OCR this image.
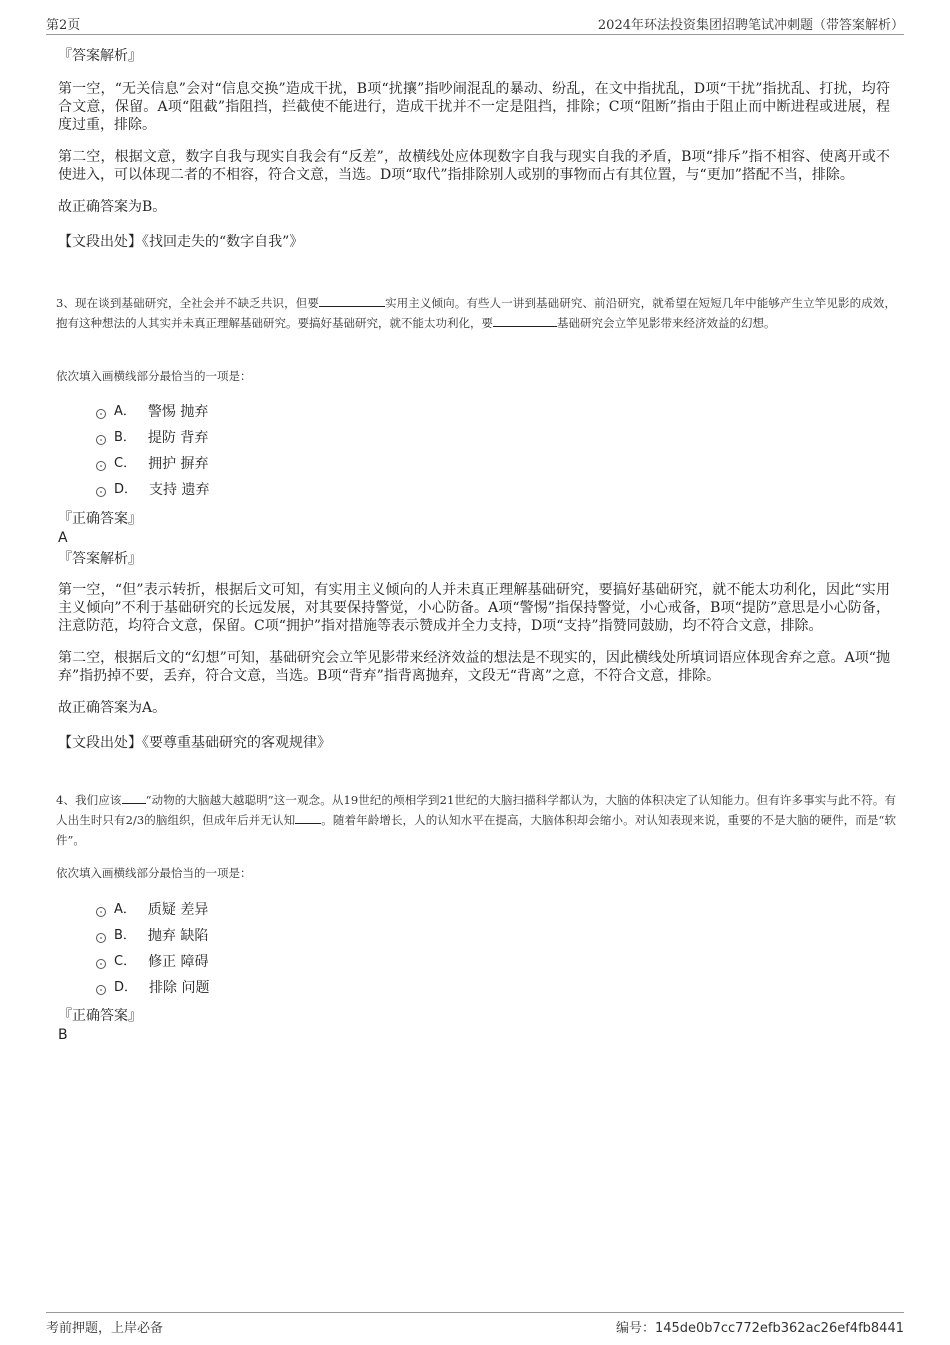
第2页	2024年环法投资集团招聘笔试冲刺题（带答案解析）

『答案解析』

第一空，“无关信息”会对“信息交换”造成干扰，B项“扰攘”指吵闹混乱的暴动、纷乱，在文中指扰乱，D项“干扰”指扰乱、打扰，均符合文意，保留。A项“阻截”指阻挡，拦截使不能进行，造成干扰并不一定是阻挡，排除；C项“阻断”指由于阻止而中断进程或进展，程度过重，排除。

第二空，根据文意，数字自我与现实自我会有“反差”，故横线处应体现数字自我与现实自我的矛盾，B项“排斥”指不相容、使离开或不使进入，可以体现二者的不相容，符合文意，当选。D项“取代”指排除别人或别的事物而占有其位置，与“更加”搭配不当，排除。

故正确答案为B。

【文段出处】《找回走失的“数字自我”》

3、现在谈到基础研究，全社会并不缺乏共识，但要	实用主义倾向。有些人一讲到基础研究、前沿研究，就希望在短短几年中能够产生立竿见影的成效，抱有这种想法的人其实并未真正理解基础研究。要搞好基础研究，就不能太功利化，要	基础研究会立竿见影带来经济效益的幻想。
依次填入画横线部分最恰当的一项是：
A． 警惕 抛弃
B． 提防 背弃
C． 拥护 摒弃
D． 支持 遗弃

『正确答案』

A

『答案解析』

第一空，“但”表示转折，根据后文可知，有实用主义倾向的人并未真正理解基础研究，要搞好基础研究，就不能太功利化，因此“实用主义倾向”不利于基础研究的长远发展，对其要保持警觉，小心防备。A项“警惕”指保持警觉，小心戒备，B项“提防”意思是小心防备，注意防范，均符合文意，保留。C项“拥护”指对措施等表示赞成并全力支持，D项“支持”指赞同鼓励，均不符合文意，排除。

第二空，根据后文的“幻想”可知，基础研究会立竿见影带来经济效益的想法是不现实的，因此横线处所填词语应体现舍弃之意。A项“抛弃”指扔掉不要，丢弃，符合文意，当选。B项“背弃”指背离抛弃，文段无“背离”之意，不符合文意，排除。

故正确答案为A。

【文段出处】《要尊重基础研究的客观规律》

4、我们应该 “动物的大脑越大越聪明”这一观念。从19世纪的颅相学到21世纪的大脑扫描科学都认为，大脑的体积决定了认知能力。但有许多事实与此不符。有人出生时只有2/3的脑组织，但成年后并无认知 。随着年龄增长，人的认知水平在提高，大脑体积却会缩小。对认知表现来说，重要的不是大脑的硬件，而是“软件”。
依次填入画横线部分最恰当的一项是：
A． 质疑 差异
B． 抛弃 缺陷
C． 修正 障碍
D． 排除 问题

『正确答案』

B

考前押题，上岸必备	编号：145de0b7cc772efb362ac26ef4fb8441
